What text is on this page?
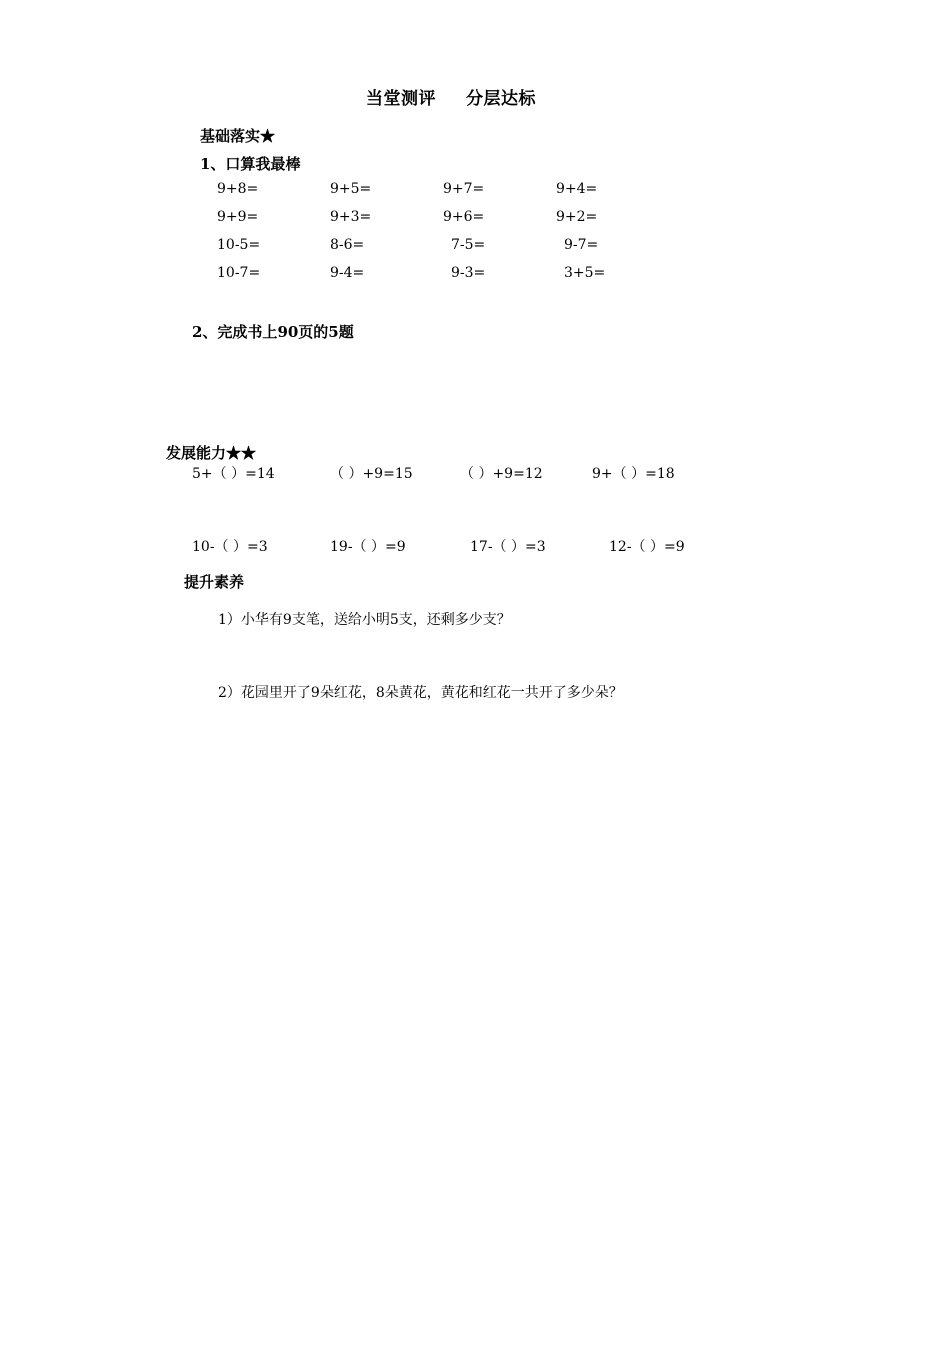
当堂测评 分层达标
基础落实★
1、口算我最棒
9+8=	9+5=	9+7=	9+4=
9+9=	9+3=	9+6=	9+2=
10-5=	8-6=	7-5=	9-7=
10-7=	9-4=	9-3=	3+5=
2、完成书上90页的5题
发展能力★★
5+（ ）=14	（ ）+9=15	（ ）+9=12	9+（ ）=18
10-（ ）=3	19-（ ）=9	17-（ ）=3	12-（ ）=9
提升素养
1）小华有9支笔，送给小明5支，还剩多少支？
2）花园里开了9朵红花，8朵黄花，黄花和红花一共开了多少朵？
